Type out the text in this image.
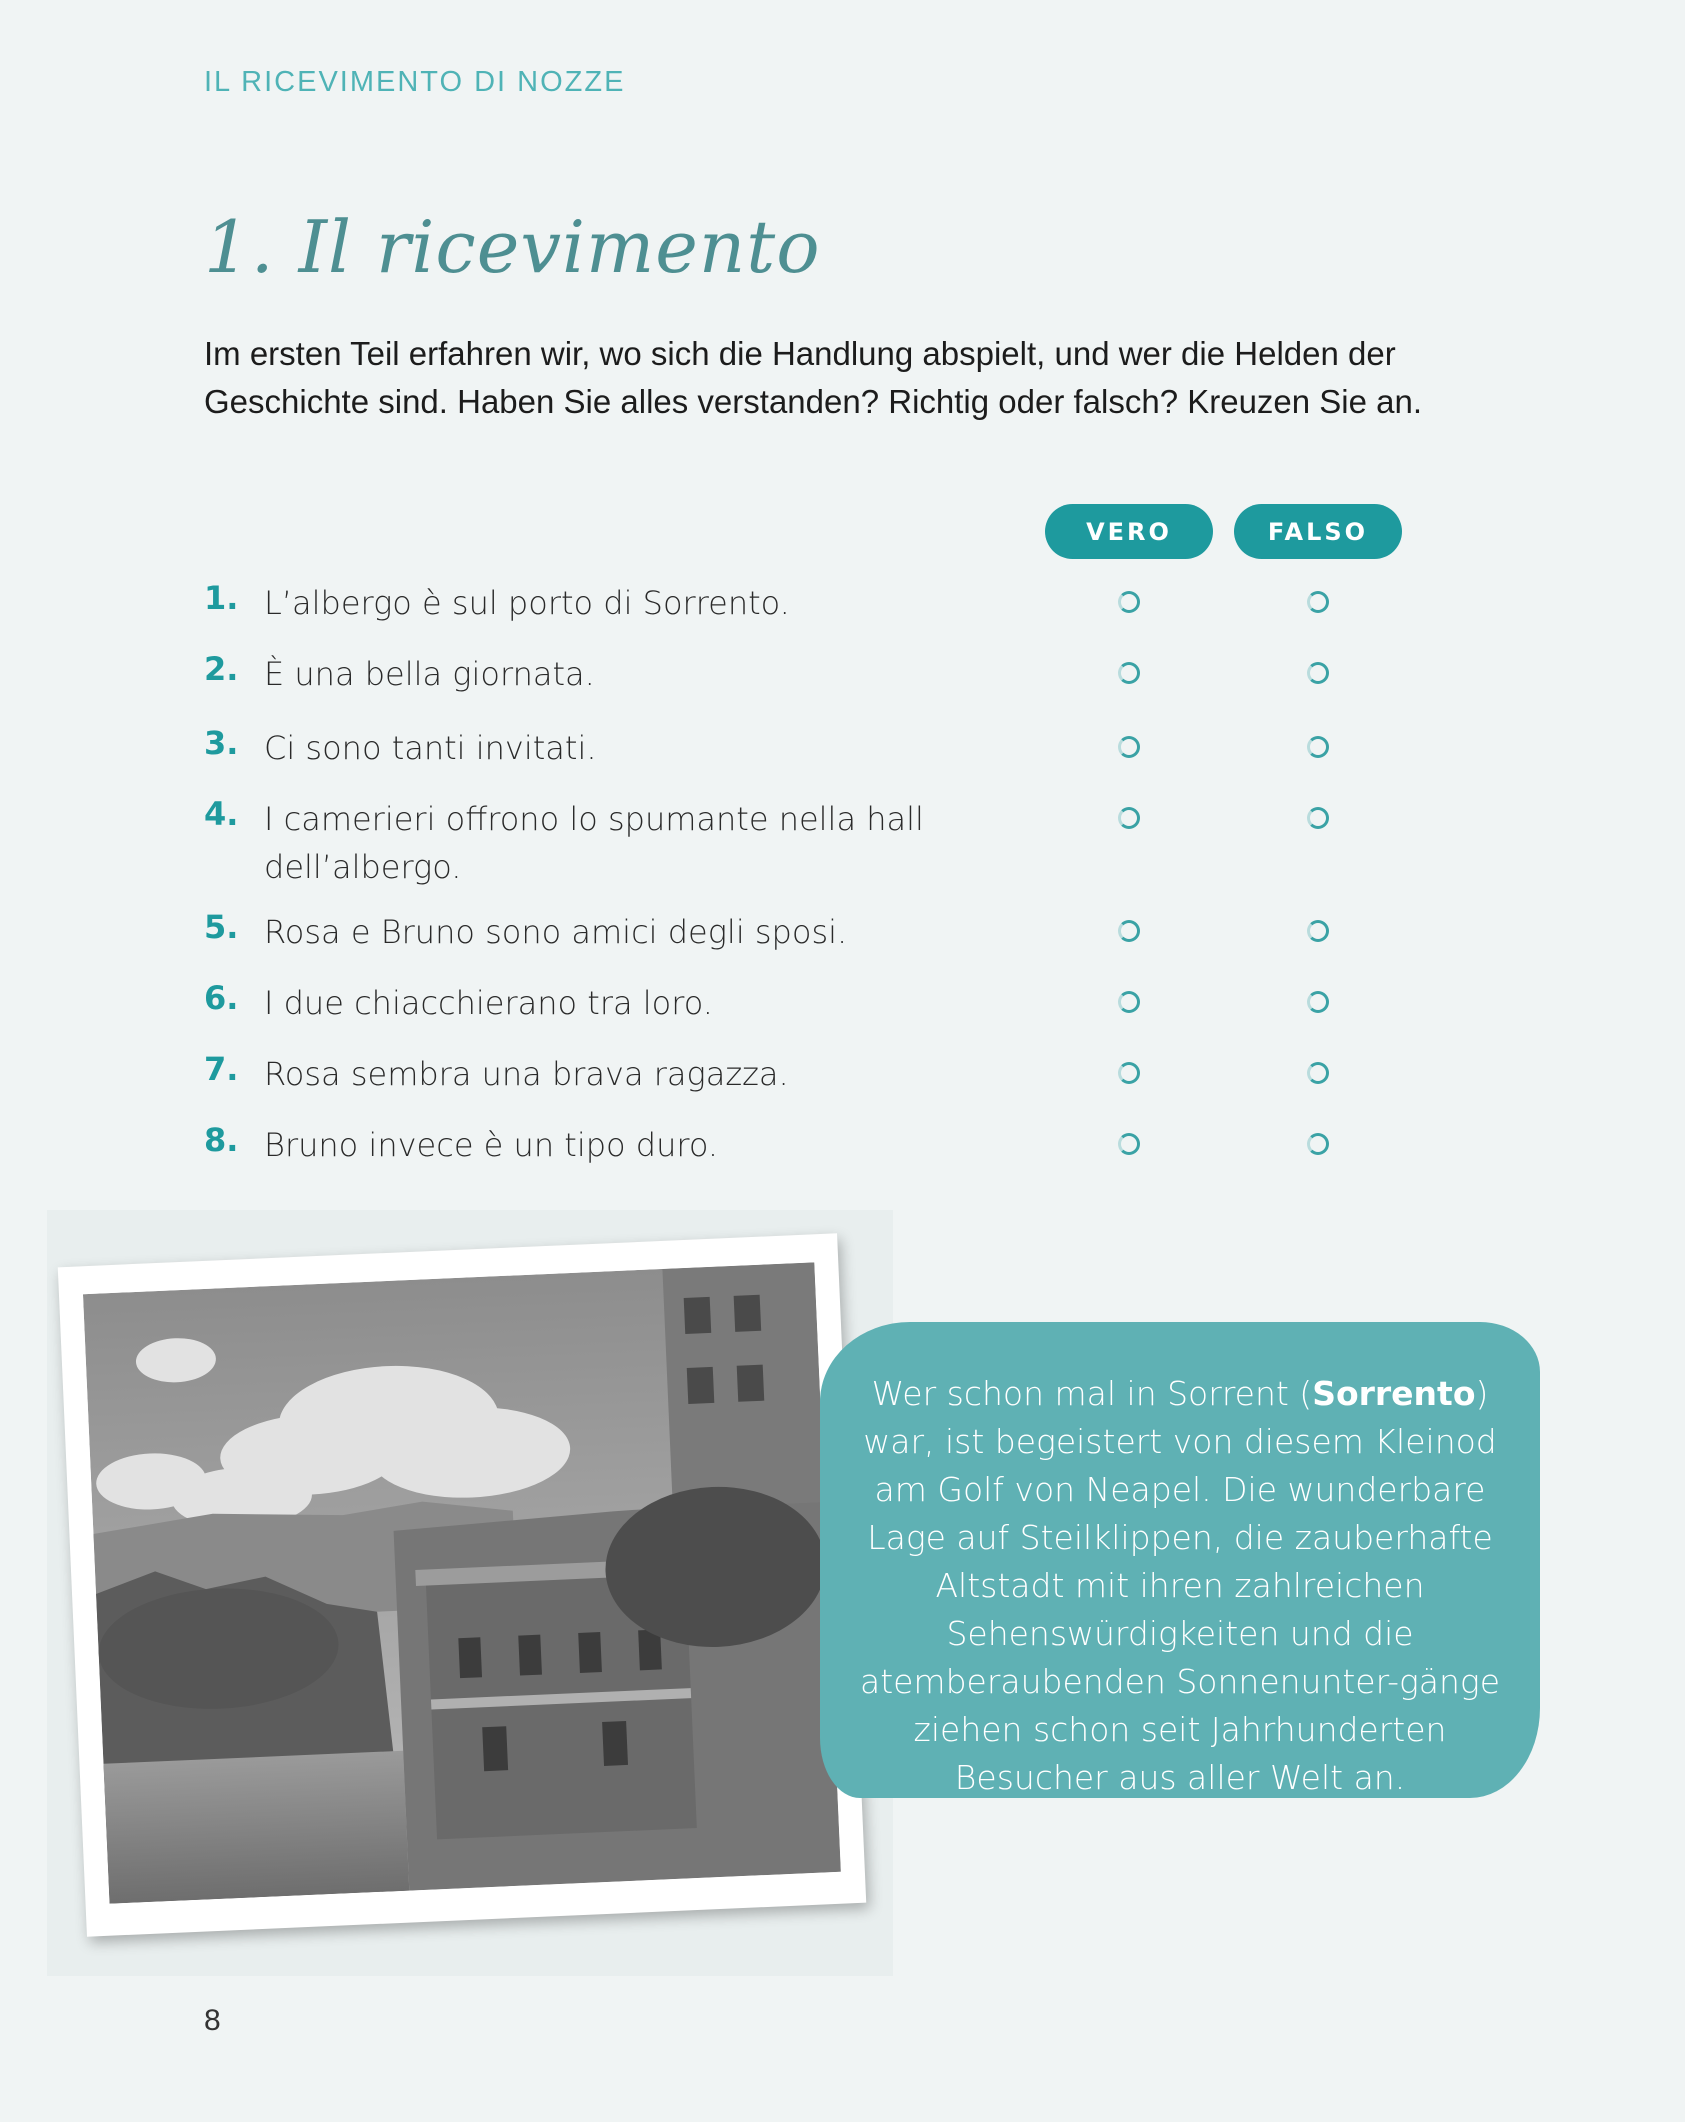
IL RICEVIMENTO DI NOZZE
1. Il ricevimento
Im ersten Teil erfahren wir, wo sich die Handlung abspielt, und wer die Helden der Geschichte sind. Haben Sie alles verstanden? Richtig oder falsch? Kreuzen Sie an.
VERO	FALSO
1. L’albergo è sul porto di Sorrento.
2. È una bella giornata.
3. Ci sono tanti invitati.
4. I camerieri offrono lo spumante nella hall dell’albergo.
5. Rosa e Bruno sono amici degli sposi.
6. I due chiacchierano tra loro.
7. Rosa sembra una brava ragazza.
8. Bruno invece è un tipo duro.
Wer schon mal in Sorrent (Sorrento) war, ist begeistert von diesem Kleinod am Golf von Neapel. Die wunderbare Lage auf Steilklippen, die zauberhafte Altstadt mit ihren zahlreichen Sehenswürdigkeiten und die atemberaubenden Sonnenunter-gänge ziehen schon seit Jahrhunderten Besucher aus aller Welt an.
8
